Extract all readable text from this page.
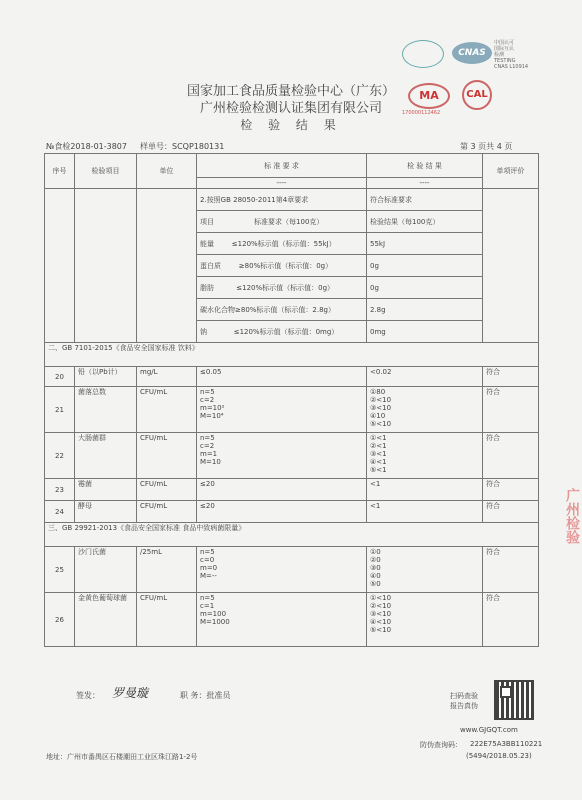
国家加工食品质量检验中心（广东）
广州检验检测认证集团有限公司
检 验 结 果
CNAS
中国认可
国际互认
检测
TESTING
CNAS L10914
MA	CAL
170000112462
№食检2018-01-3807 样单号：SCQP180131	第 3 页共 4 页
序号	检验项目	单位	标 准 要 求	检 验 结 果	单项评价
			----	----	
			2.按照GB 28050-2011第4章要求	符合标准要求	
			项目                  标准要求（每100克）	检验结果（每100克）	
			能量        ≤120%标示值（标示值：55kJ）	55kJ	
			蛋白质        ≥80%标示值（标示值：0g）	0g	
			脂肪          ≤120%标示值（标示值：0g）	0g	
			碳水化合物≥80%标示值（标示值：2.8g）	2.8g	
			钠            ≤120%标示值（标示值：0mg）	0mg	
二、GB 7101-2015《食品安全国家标准 饮料》					
20	铅（以Pb计）	mg/L	≤0.05	<0.02	符合
21	菌落总数	CFU/mL	n=5
c=2
m=10²
M=10⁴	①80
②<10
③<10
④10
⑤<10	符合
22	大肠菌群	CFU/mL	n=5
c=2
m=1
M=10	①<1
②<1
③<1
④<1
⑤<1	符合
23	霉菌	CFU/mL	≤20	<1	符合
24	酵母	CFU/mL	≤20	<1	符合
三、GB 29921-2013《食品安全国家标准 食品中致病菌限量》					
25	沙门氏菌	/25mL	n=5
c=0
m=0
M=--	①0
②0
③0
④0
⑤0	符合
26	金黄色葡萄球菌	CFU/mL	n=5
c=1
m=100
M=1000	①<10
②<10
③<10
④<10
⑤<10	符合
签发： 罗曼璇	职 务：批准员	扫码查验
报告真伪
www.GJGQT.com
防伪查询码： 222E75A3BB110221
(5494/2018.05.23)
地址：广州市番禺区石楼潮田工业区珠江路1-2号
广州检验
